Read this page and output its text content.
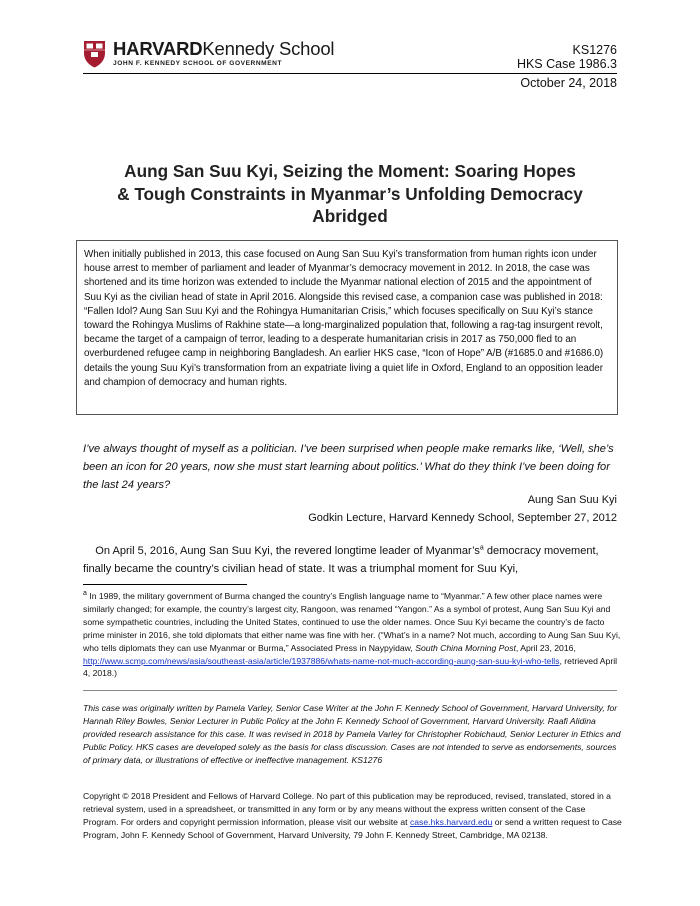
HARVARDKennedy School
JOHN F. KENNEDY SCHOOL OF GOVERNMENT
KS1276
HKS Case 1986.3
October 24, 2018
Aung San Suu Kyi, Seizing the Moment: Soaring Hopes
& Tough Constraints in Myanmar’s Unfolding Democracy
Abridged
When initially published in 2013, this case focused on Aung San Suu Kyi’s transformation from human rights icon under house arrest to member of parliament and leader of Myanmar’s democracy movement in 2012. In 2018, the case was shortened and its time horizon was extended to include the Myanmar national election of 2015 and the appointment of Suu Kyi as the civilian head of state in April 2016. Alongside this revised case, a companion case was published in 2018: “Fallen Idol? Aung San Suu Kyi and the Rohingya Humanitarian Crisis,” which focuses specifically on Suu Kyi’s stance toward the Rohingya Muslims of Rakhine state—a long-marginalized population that, following a rag-tag insurgent revolt, became the target of a campaign of terror, leading to a desperate humanitarian crisis in 2017 as 750,000 fled to an overburdened refugee camp in neighboring Bangladesh. An earlier HKS case, “Icon of Hope” A/B (#1685.0 and #1686.0) details the young Suu Kyi’s transformation from an expatriate living a quiet life in Oxford, England to an opposition leader and champion of democracy and human rights.
I’ve always thought of myself as a politician. I’ve been surprised when people make remarks like, ‘Well, she’s been an icon for 20 years, now she must start learning about politics.’ What do they think I’ve been doing for the last 24 years?
Aung San Suu Kyi
Godkin Lecture, Harvard Kennedy School, September 27, 2012
On April 5, 2016, Aung San Suu Kyi, the revered longtime leader of $Myanmar’s^a$ democracy movement, finally became the country’s civilian head of state. It was a triumphal moment for Suu Kyi,
$^a$ In 1989, the military government of Burma changed the country’s English language name to “Myanmar.” A few other place names were similarly changed; for example, the country’s largest city, Rangoon, was renamed “Yangon.” As a symbol of protest, Aung San Suu Kyi and some sympathetic countries, including the United States, continued to use the older names. Once Suu Kyi became the country’s de facto prime minister in 2016, she told diplomats that either name was fine with her. (“What’s in a name? Not much, according to Aung San Suu Kyi, who tells diplomats they can use Myanmar or Burma,” Associated Press in Naypyidaw, South China Morning Post, April 23, 2016, http://www.scmp.com/news/asia/southeast-asia/article/1937886/whats-name-not-much-according-aung-san-suu-kyi-who-tells, retrieved April 4, 2018.)
This case was originally written by Pamela Varley, Senior Case Writer at the John F. Kennedy School of Government, Harvard University, for Hannah Riley Bowles, Senior Lecturer in Public Policy at the John F. Kennedy School of Government, Harvard University. Raafi Alidina provided research assistance for this case. It was revised in 2018 by Pamela Varley for Christopher Robichaud, Senior Lecturer in Ethics and Public Policy. HKS cases are developed solely as the basis for class discussion. Cases are not intended to serve as endorsements, sources of primary data, or illustrations of effective or ineffective management. KS1276
Copyright © 2018 President and Fellows of Harvard College. No part of this publication may be reproduced, revised, translated, stored in a retrieval system, used in a spreadsheet, or transmitted in any form or by any means without the express written consent of the Case Program. For orders and copyright permission information, please visit our website at case.hks.harvard.edu or send a written request to Case Program, John F. Kennedy School of Government, Harvard University, 79 John F. Kennedy Street, Cambridge, MA 02138.
